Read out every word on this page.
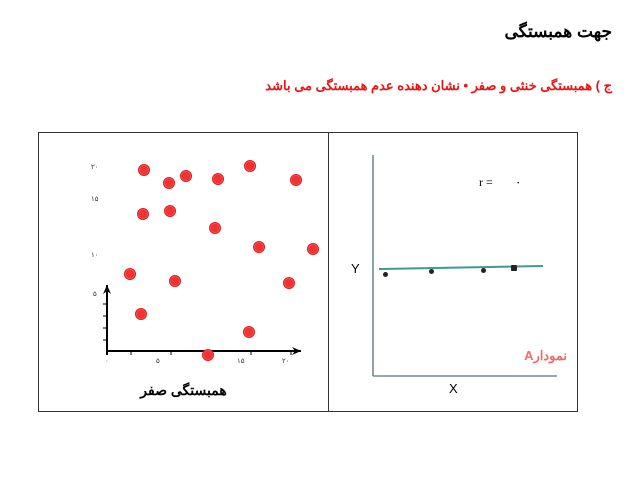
جهت همبستگی
ج ) همبستگی خنثی و صفر • نشان دهنده عدم همبستگی می باشد
۲۰
۱۵
۱۰
۵
۰	۵	۱۵	۲۰
همبستگی صفر
r = ۰
Y
X
نمودارA
